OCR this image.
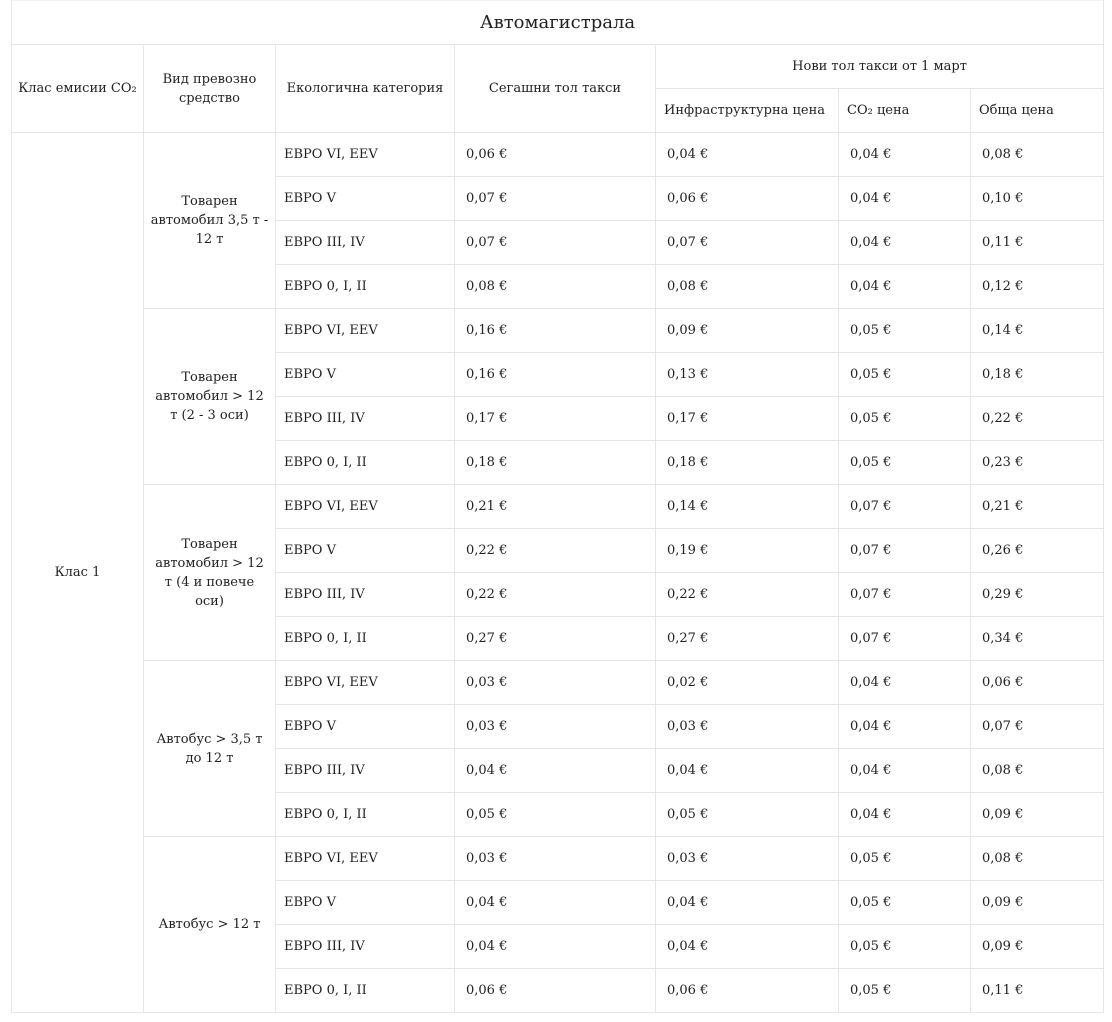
Автомагистрала						
Клас емисии CO₂	Вид превозно средство	Екологична категория	Сегашни тол такси	Нови тол такси от 1 март		
				Инфраструктурна цена	CO₂ цена	Обща цена
Клас 1	Товарен автомобил 3,5 т - 12 т	ЕВРО VI, EEV	0,06 €	0,04 €	0,04 €	0,08 €
		ЕВРО V	0,07 €	0,06 €	0,04 €	0,10 €
		ЕВРО III, IV	0,07 €	0,07 €	0,04 €	0,11 €
		ЕВРО 0, I, II	0,08 €	0,08 €	0,04 €	0,12 €
	Товарен автомобил > 12 т (2 - 3 оси)	ЕВРО VI, EEV	0,16 €	0,09 €	0,05 €	0,14 €
		ЕВРО V	0,16 €	0,13 €	0,05 €	0,18 €
		ЕВРО III, IV	0,17 €	0,17 €	0,05 €	0,22 €
		ЕВРО 0, I, II	0,18 €	0,18 €	0,05 €	0,23 €
	Товарен автомобил > 12 т (4 и повече оси)	ЕВРО VI, EEV	0,21 €	0,14 €	0,07 €	0,21 €
		ЕВРО V	0,22 €	0,19 €	0,07 €	0,26 €
		ЕВРО III, IV	0,22 €	0,22 €	0,07 €	0,29 €
		ЕВРО 0, I, II	0,27 €	0,27 €	0,07 €	0,34 €
	Автобус > 3,5 т до 12 т	ЕВРО VI, EEV	0,03 €	0,02 €	0,04 €	0,06 €
		ЕВРО V	0,03 €	0,03 €	0,04 €	0,07 €
		ЕВРО III, IV	0,04 €	0,04 €	0,04 €	0,08 €
		ЕВРО 0, I, II	0,05 €	0,05 €	0,04 €	0,09 €
	Автобус > 12 т	ЕВРО VI, EEV	0,03 €	0,03 €	0,05 €	0,08 €
		ЕВРО V	0,04 €	0,04 €	0,05 €	0,09 €
		ЕВРО III, IV	0,04 €	0,04 €	0,05 €	0,09 €
		ЕВРО 0, I, II	0,06 €	0,06 €	0,05 €	0,11 €
